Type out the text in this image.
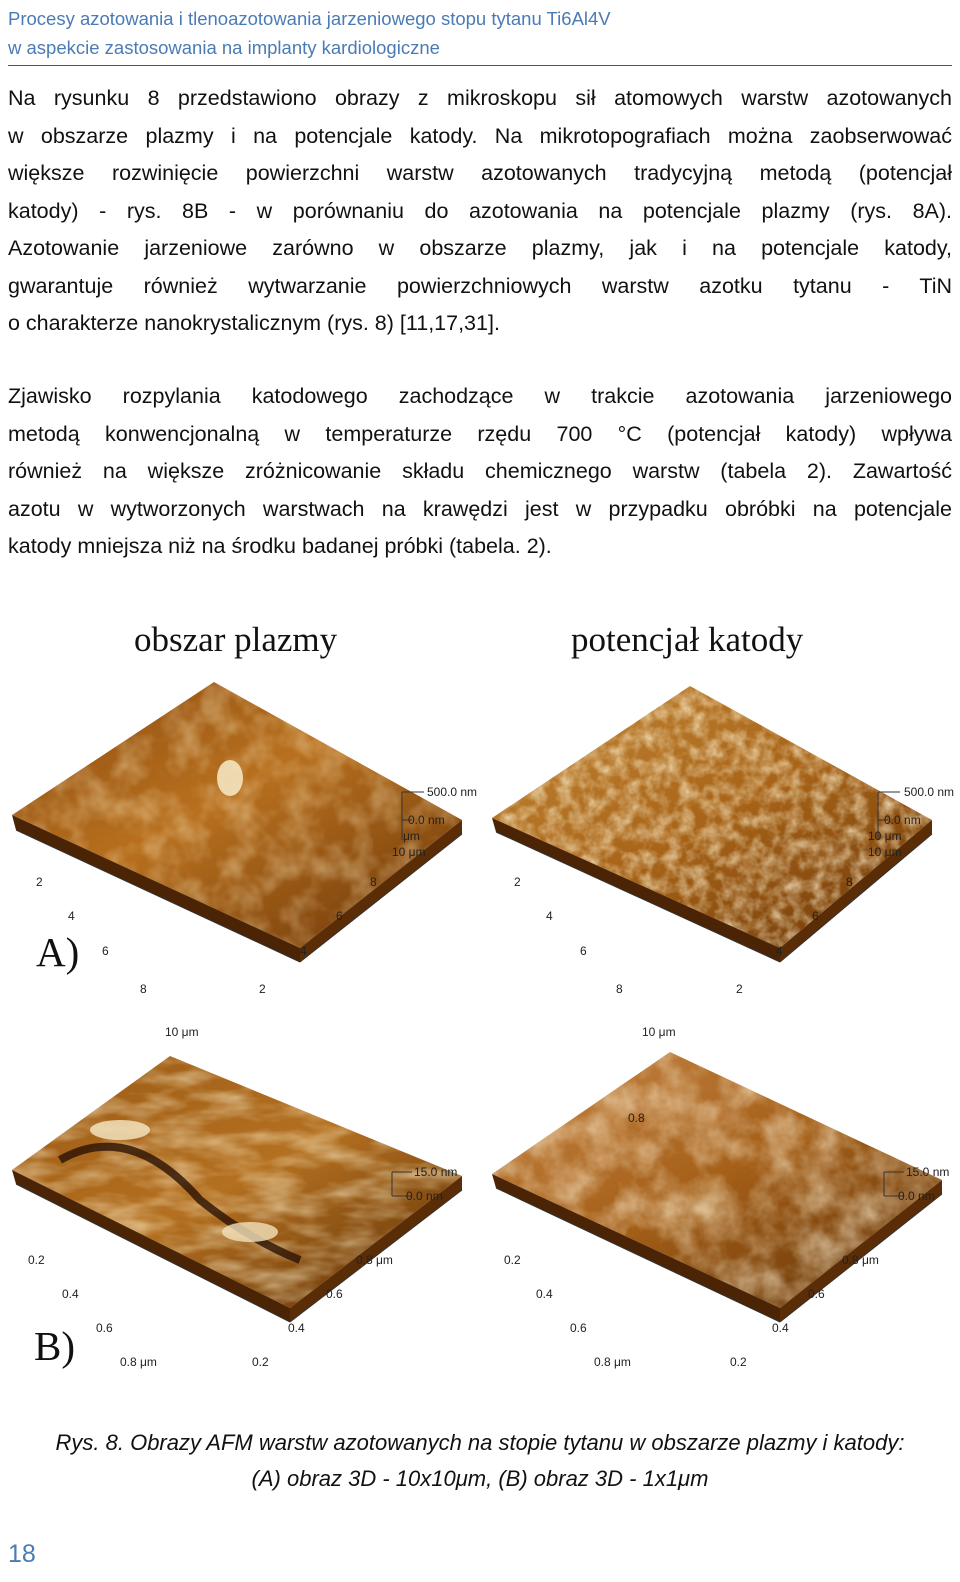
Procesy azotowania i tlenoazotowania jarzeniowego stopu tytanu Ti6Al4V
w aspekcie zastosowania na implanty kardiologiczne
Na rysunku 8 przedstawiono obrazy z mikroskopu sił atomowych warstw azotowanych
w obszarze plazmy i na potencjale katody. Na mikrotopografiach można zaobserwować
większe rozwinięcie powierzchni warstw azotowanych tradycyjną metodą (potencjał
katody) - rys. 8B - w porównaniu do azotowania na potencjale plazmy (rys. 8A).
Azotowanie jarzeniowe zarówno w obszarze plazmy, jak i na potencjale katody,
gwarantuje również wytwarzanie powierzchniowych warstw azotku tytanu - TiN
o charakterze nanokrystalicznym (rys. 8) [11,17,31].
Zjawisko rozpylania katodowego zachodzące w trakcie azotowania jarzeniowego
metodą konwencjonalną w temperaturze rzędu 700 °C (potencjał katody) wpływa
również na większe zróżnicowanie składu chemicznego warstw (tabela 2). Zawartość
azotu w wytworzonych warstwach na krawędzi jest w przypadku obróbki na potencjale
katody mniejsza niż na środku badanej próbki (tabela. 2).
obszar plazmy	potencjał katody
A)
B)
500.0 nm
0.0 nm
μm
10 μm
8
6
4
2
2
4
6
8
10 μm
500.0 nm
0.0 nm
10 μm
10 μm
8
6
4
2
2
4
6
8
10 μm
15.0 nm
0.0 nm
0.8 μm
0.6
0.4
0.2
0.2
0.4
0.6
0.8 μm
0.8
15.0 nm
0.0 nm
0.8 μm
0.6
0.4
0.2
0.2
0.4
0.6
0.8 μm
Rys. 8. Obrazy AFM warstw azotowanych na stopie tytanu w obszarze plazmy i katody:
(A) obraz 3D - 10x10μm, (B) obraz 3D - 1x1μm
18
